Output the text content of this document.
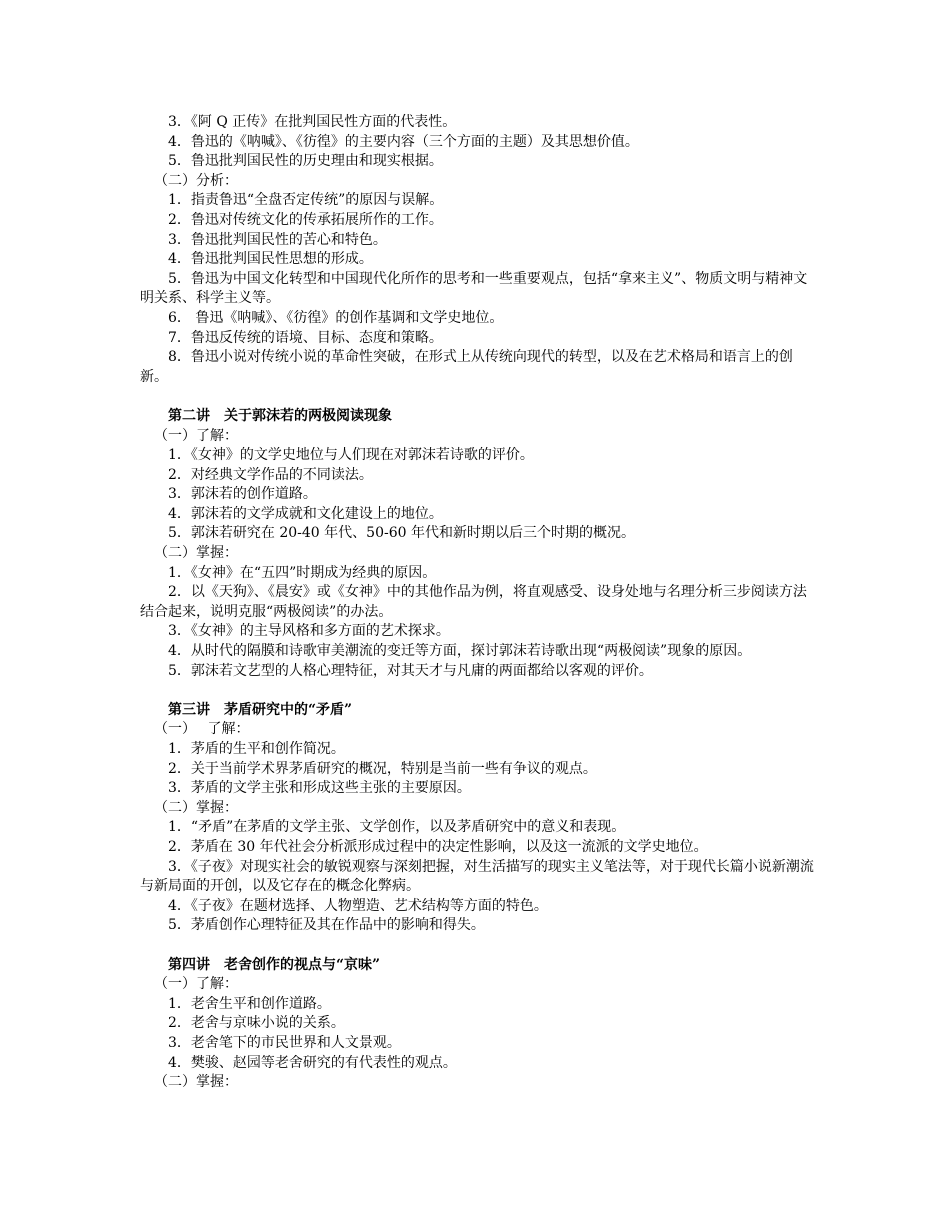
3．《阿 Q 正传》在批判国民性方面的代表性。

4．鲁迅的《呐喊》、《彷徨》的主要内容（三个方面的主题）及其思想价值。

5．鲁迅批判国民性的历史理由和现实根据。

（二）分析：

1．指责鲁迅“全盘否定传统”的原因与误解。

2．鲁迅对传统文化的传承拓展所作的工作。

3．鲁迅批判国民性的苦心和特色。

4．鲁迅批判国民性思想的形成。

5．鲁迅为中国文化转型和中国现代化所作的思考和一些重要观点，包括“拿来主义”、物质文明与精神文明关系、科学主义等。

6． 鲁迅《呐喊》、《彷徨》的创作基调和文学史地位。

7．鲁迅反传统的语境、目标、态度和策略。

8．鲁迅小说对传统小说的革命性突破，在形式上从传统向现代的转型，以及在艺术格局和语言上的创新。

第二讲　关于郭沫若的两极阅读现象

（一）了解：

1．《女神》的文学史地位与人们现在对郭沫若诗歌的评价。

2．对经典文学作品的不同读法。

3．郭沫若的创作道路。

4．郭沫若的文学成就和文化建设上的地位。

5．郭沫若研究在 20-40 年代、50-60 年代和新时期以后三个时期的概况。

（二）掌握：

1．《女神》在“五四”时期成为经典的原因。

2．以《天狗》、《晨安》或《女神》中的其他作品为例，将直观感受、设身处地与名理分析三步阅读方法结合起来，说明克服“两极阅读”的办法。

3．《女神》的主导风格和多方面的艺术探求。

4．从时代的隔膜和诗歌审美潮流的变迁等方面，探讨郭沫若诗歌出现“两极阅读”现象的原因。

5．郭沫若文艺型的人格心理特征，对其天才与凡庸的两面都给以客观的评价。

第三讲　茅盾研究中的“矛盾”

（一）　 了解：

1．茅盾的生平和创作简况。

2．关于当前学术界茅盾研究的概况，特别是当前一些有争议的观点。

3．茅盾的文学主张和形成这些主张的主要原因。

（二）掌握：

1．“矛盾”在茅盾的文学主张、文学创作，以及茅盾研究中的意义和表现。

2．茅盾在 30 年代社会分析派形成过程中的决定性影响，以及这一流派的文学史地位。

3．《子夜》对现实社会的敏锐观察与深刻把握，对生活描写的现实主义笔法等，对于现代长篇小说新潮流与新局面的开创，以及它存在的概念化弊病。

4．《子夜》在题材选择、人物塑造、艺术结构等方面的特色。

5．茅盾创作心理特征及其在作品中的影响和得失。

第四讲　老舍创作的视点与“京味”

（一）了解：

1．老舍生平和创作道路。

2．老舍与京味小说的关系。

3．老舍笔下的市民世界和人文景观。

4．樊骏、赵园等老舍研究的有代表性的观点。

（二）掌握：
